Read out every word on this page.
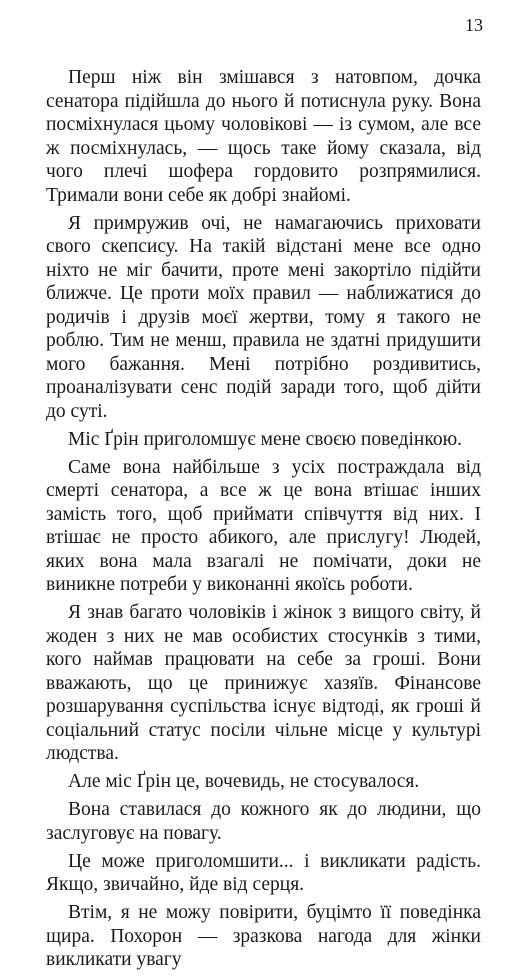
13

Перш ніж він змішався з натовпом, дочка сенатора підійшла до нього й потиснула руку. Вона посміхнулася цьому чоловікові — із сумом, але все ж посміхнулась, — щось таке йому сказала, від чого плечі шофера гордовито розпрямилися. Тримали вони себе як добрі знайомі.

Я примружив очі, не намагаючись приховати свого скепсису. На такій відстані мене все одно ніхто не міг бачити, проте мені закортіло підійти ближче. Це проти моїх правил — наближатися до родичів і друзів моєї жертви, тому я такого не роблю. Тим не менш, правила не здатні придушити мого бажання. Мені потрібно роздивитись, проаналізувати сенс подій заради того, щоб дійти до суті.

Міс Ґрін приголомшує мене своєю поведінкою.

Саме вона найбільше з усіх постраждала від смерті сенатора, а все ж це вона втішає інших замість того, щоб приймати співчуття від них. І втішає не просто абикого, але прислугу! Людей, яких вона мала взагалі не помічати, доки не виникне потреби у виконанні якоїсь роботи.

Я знав багато чоловіків і жінок з вищого світу, й жоден з них не мав особистих стосунків з тими, кого наймав працювати на себе за гроші. Вони вважають, що це принижує хазяїв. Фінансове розшарування суспільства існує відтоді, як гроші й соціальний статус посіли чільне місце у культурі людства.

Але міс Ґрін це, вочевидь, не стосувалося.

Вона ставилася до кожного як до людини, що заслуговує на повагу.

Це може приголомшити... і викликати радість. Якщо, звичайно, йде від серця.

Втім, я не можу повірити, буцімто її поведінка щира. Похорон — зразкова нагода для жінки викликати увагу
